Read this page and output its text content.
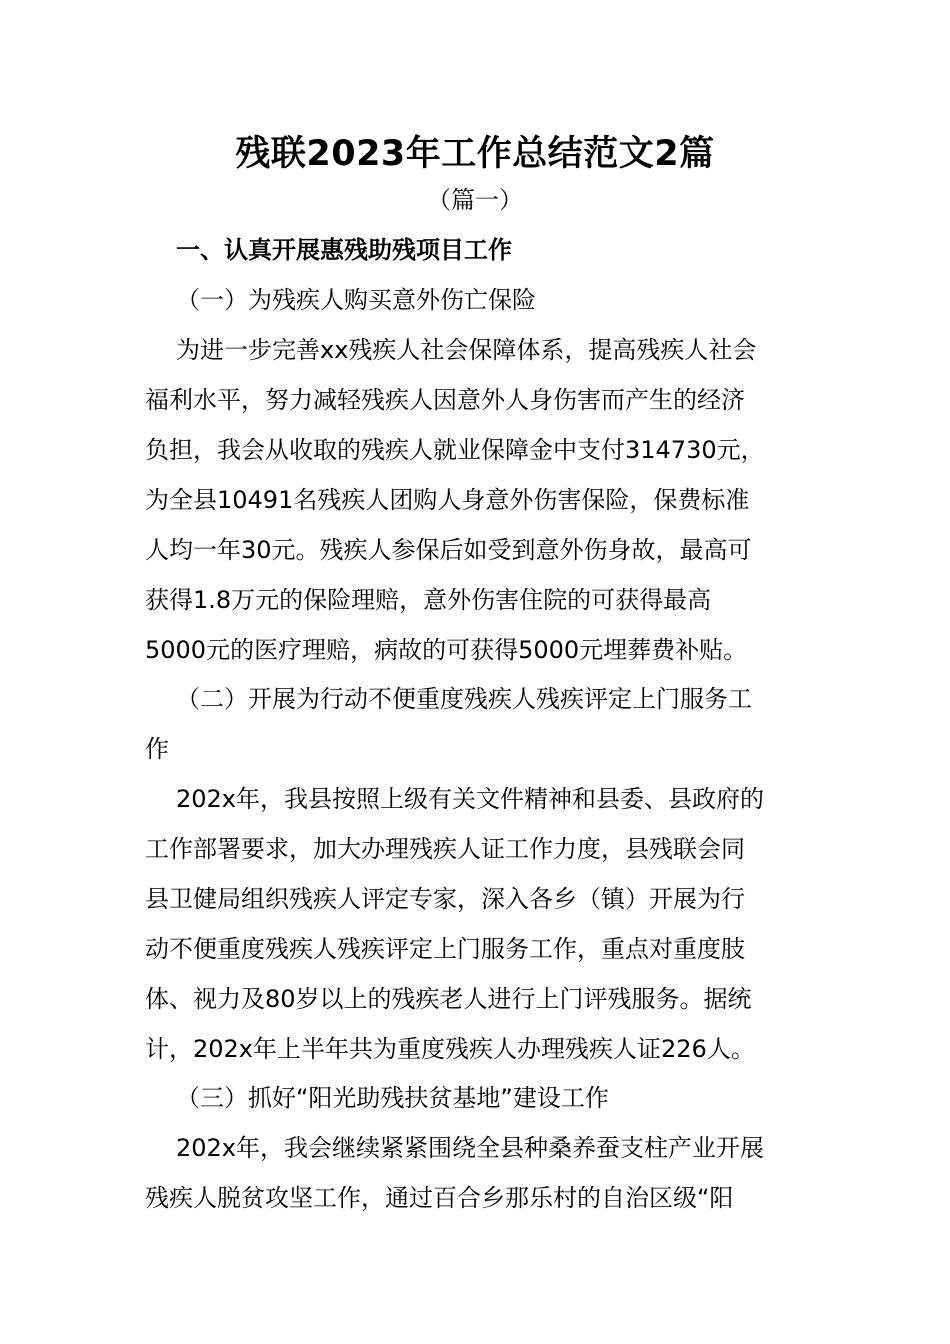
残联2023年工作总结范文2篇
（篇一）
一、认真开展惠残助残项目工作
（一）为残疾人购买意外伤亡保险
为进一步完善xx残疾人社会保障体系，提高残疾人社会
福利水平，努力减轻残疾人因意外人身伤害而产生的经济
负担，我会从收取的残疾人就业保障金中支付314730元，
为全县10491名残疾人团购人身意外伤害保险，保费标准
人均一年30元。残疾人参保后如受到意外伤身故，最高可
获得1.8万元的保险理赔，意外伤害住院的可获得最高
5000元的医疗理赔，病故的可获得5000元埋葬费补贴。
（二）开展为行动不便重度残疾人残疾评定上门服务工
作
202x年，我县按照上级有关文件精神和县委、县政府的
工作部署要求，加大办理残疾人证工作力度，县残联会同
县卫健局组织残疾人评定专家，深入各乡（镇）开展为行
动不便重度残疾人残疾评定上门服务工作，重点对重度肢
体、视力及80岁以上的残疾老人进行上门评残服务。据统
计，202x年上半年共为重度残疾人办理残疾人证226人。
（三）抓好“阳光助残扶贫基地”建设工作
202x年，我会继续紧紧围绕全县种桑养蚕支柱产业开展
残疾人脱贫攻坚工作，通过百合乡那乐村的自治区级“阳
